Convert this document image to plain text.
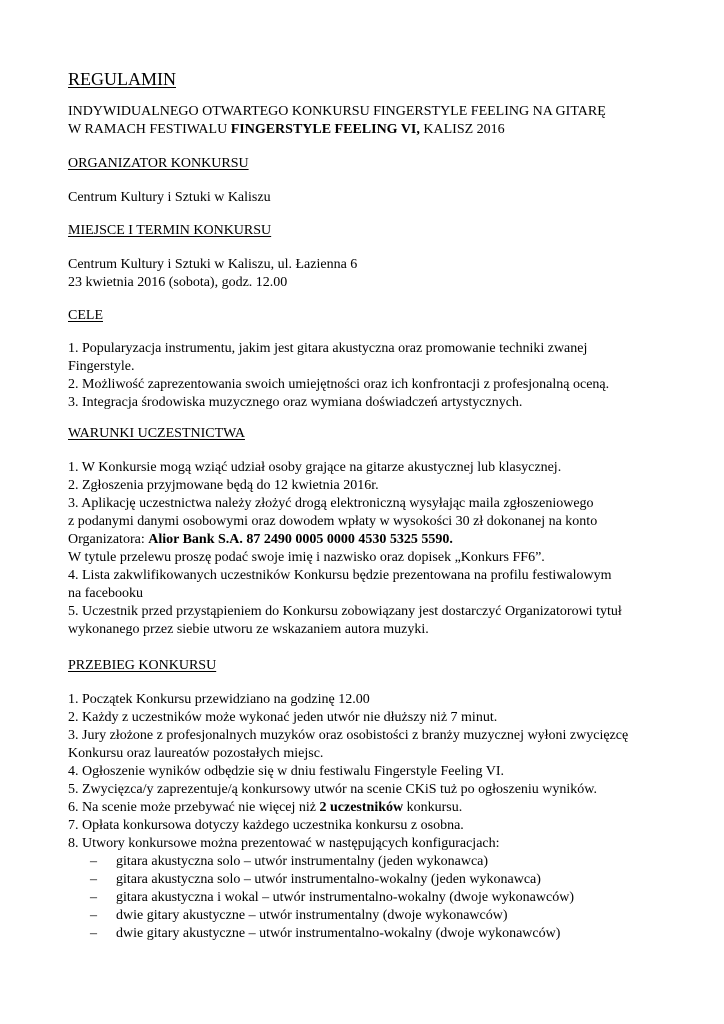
REGULAMIN
INDYWIDUALNEGO OTWARTEGO KONKURSU FINGERSTYLE FEELING NA GITARĘ
W RAMACH FESTIWALU FINGERSTYLE FEELING VI, KALISZ 2016
ORGANIZATOR KONKURSU
Centrum Kultury i Sztuki w Kaliszu
MIEJSCE I TERMIN KONKURSU
Centrum Kultury i Sztuki w Kaliszu, ul. Łazienna 6
23 kwietnia 2016 (sobota), godz. 12.00
CELE
1. Popularyzacja instrumentu, jakim jest gitara akustyczna oraz promowanie techniki zwanej
Fingerstyle.
2. Możliwość zaprezentowania swoich umiejętności oraz ich konfrontacji z profesjonalną oceną.
3. Integracja środowiska muzycznego oraz wymiana doświadczeń artystycznych.
WARUNKI UCZESTNICTWA
1. W Konkursie mogą wziąć udział osoby grające na gitarze akustycznej lub klasycznej.
2. Zgłoszenia przyjmowane będą do 12 kwietnia 2016r.
3. Aplikację uczestnictwa należy złożyć drogą elektroniczną wysyłając maila zgłoszeniowego
z podanymi danymi osobowymi oraz dowodem wpłaty w wysokości 30 zł dokonanej na konto
Organizatora: Alior Bank S.A. 87 2490 0005 0000 4530 5325 5590.
W tytule przelewu proszę podać swoje imię i nazwisko oraz dopisek „Konkurs FF6”.
4. Lista zakwlifikowanych uczestników Konkursu będzie prezentowana na profilu festiwalowym
na facebooku
5. Uczestnik przed przystąpieniem do Konkursu zobowiązany jest dostarczyć Organizatorowi tytuł
wykonanego przez siebie utworu ze wskazaniem autora muzyki.
PRZEBIEG KONKURSU
1. Początek Konkursu przewidziano na godzinę 12.00
2. Każdy z uczestników może wykonać jeden utwór nie dłuższy niż 7 minut.
3. Jury złożone z profesjonalnych muzyków oraz osobistości z branży muzycznej wyłoni zwycięzcę
Konkursu oraz laureatów pozostałych miejsc.
4. Ogłoszenie wyników odbędzie się w dniu festiwalu Fingerstyle Feeling VI.
5. Zwycięzca/y zaprezentuje/ą konkursowy utwór na scenie CKiS tuż po ogłoszeniu wyników.
6. Na scenie może przebywać nie więcej niż 2 uczestników konkursu.
7. Opłata konkursowa dotyczy każdego uczestnika konkursu z osobna.
8. Utwory konkursowe można prezentować w następujących konfiguracjach:
–	gitara akustyczna solo – utwór instrumentalny (jeden wykonawca)
–	gitara akustyczna solo – utwór instrumentalno-wokalny (jeden wykonawca)
–	gitara akustyczna i wokal – utwór instrumentalno-wokalny (dwoje wykonawców)
–	dwie gitary akustyczne – utwór instrumentalny (dwoje wykonawców)
–	dwie gitary akustyczne – utwór instrumentalno-wokalny (dwoje wykonawców)
